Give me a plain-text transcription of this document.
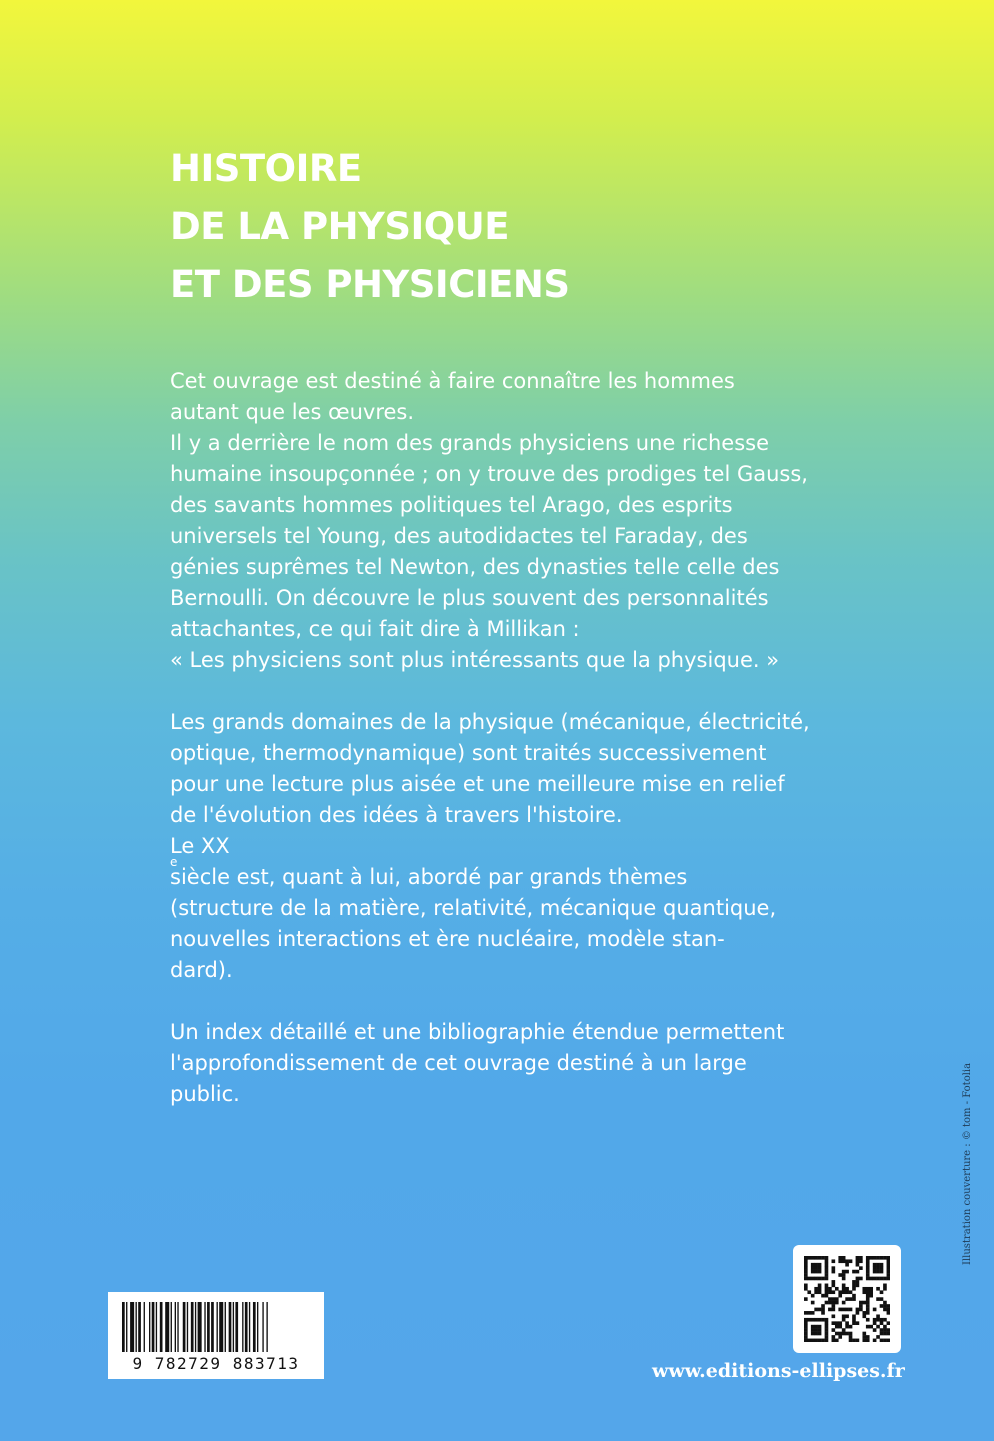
HISTOIRE
DE LA PHYSIQUE
ET DES PHYSICIENS

Cet ouvrage est destiné à faire connaître les hommes
autant que les œuvres.
Il y a derrière le nom des grands physiciens une richesse
humaine insoupçonnée ; on y trouve des prodiges tel Gauss,
des savants hommes politiques tel Arago, des esprits
universels tel Young, des autodidactes tel Faraday, des
génies suprêmes tel Newton, des dynasties telle celle des
Bernoulli. On découvre le plus souvent des personnalités
attachantes, ce qui fait dire à Millikan :
« Les physiciens sont plus intéressants que la physique. »

Les grands domaines de la physique (mécanique, électricité,
optique, thermodynamique) sont traités successivement
pour une lecture plus aisée et une meilleure mise en relief
de l'évolution des idées à travers l'histoire.
Le XX
e
siècle est, quant à lui, abordé par grands thèmes
(structure de la matière, relativité, mécanique quantique,
nouvelles interactions et ère nucléaire, modèle stan-
dard).

Un index détaillé et une bibliographie étendue permettent
l'approfondissement de cet ouvrage destiné à un large
public.

9 782729 883713	www.editions-ellipses.fr
Illustration couverture : © tom - Fotolia
